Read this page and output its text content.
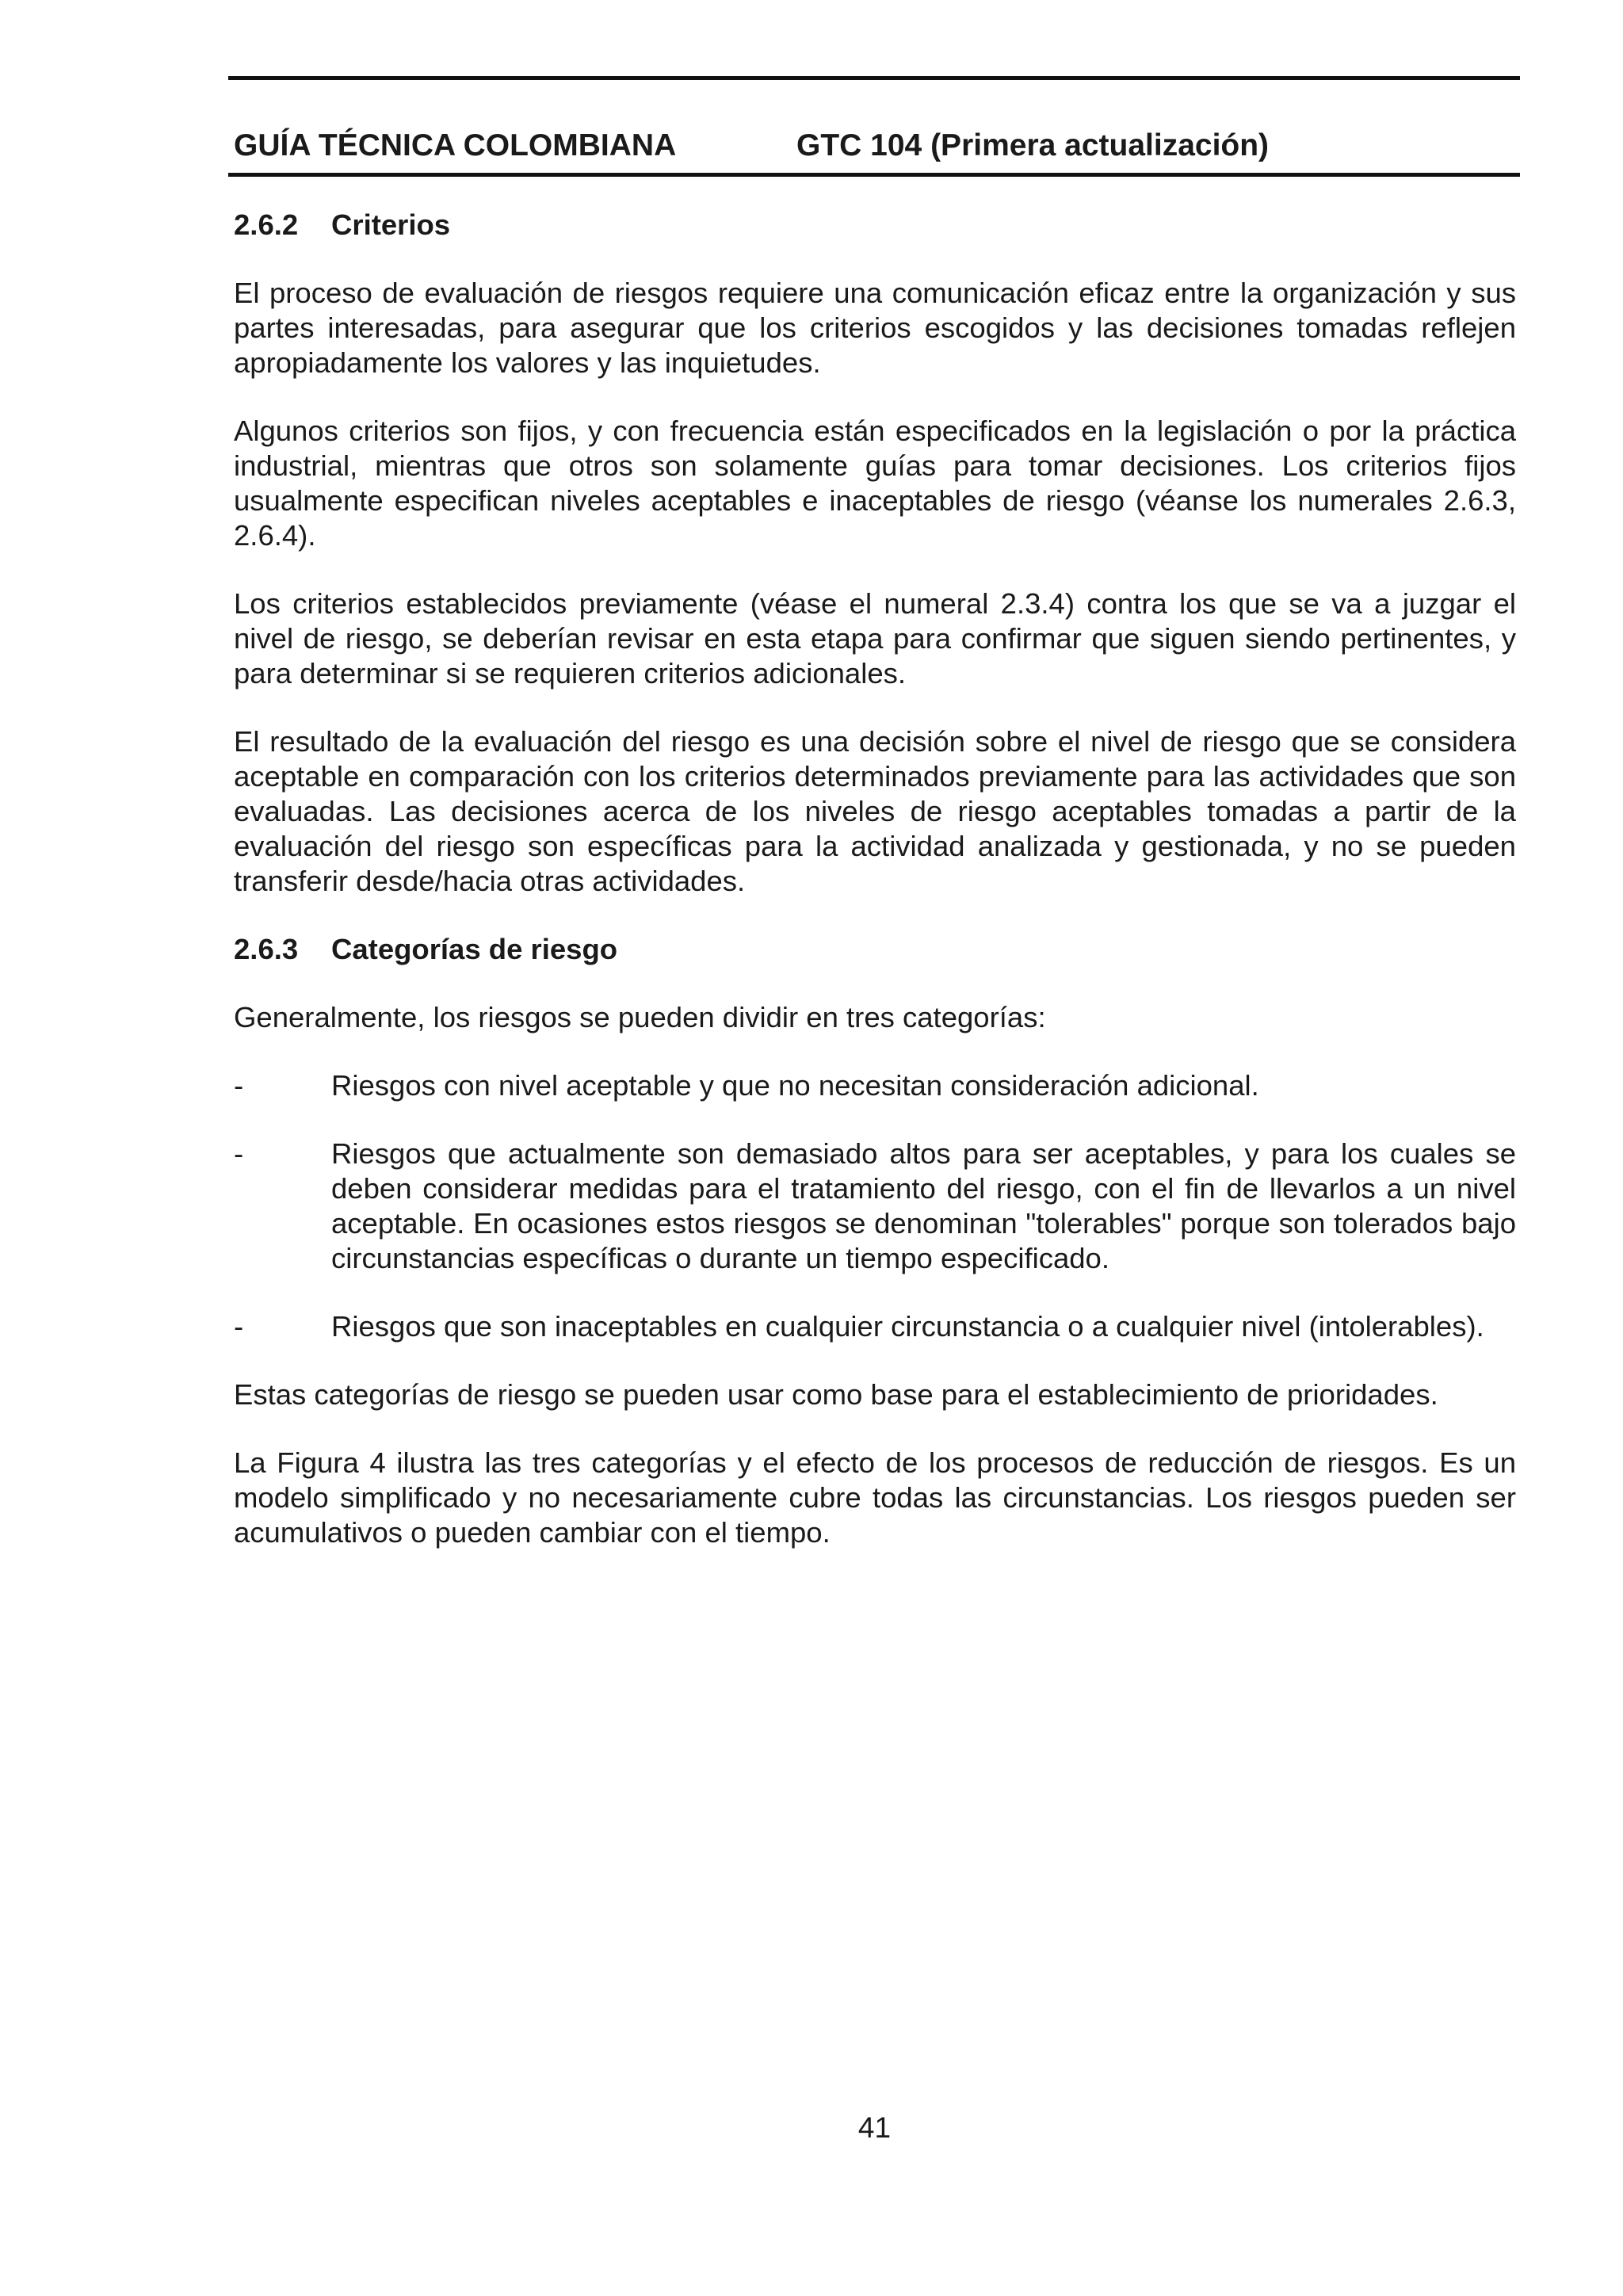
GUÍA TÉCNICA COLOMBIANA	GTC 104 (Primera actualización)
2.6.2 Criterios

El proceso de evaluación de riesgos requiere una comunicación eficaz entre la organización y sus partes interesadas, para asegurar que los criterios escogidos y las decisiones tomadas reflejen apropiadamente los valores y las inquietudes.

Algunos criterios son fijos, y con frecuencia están especificados en la legislación o por la práctica industrial, mientras que otros son solamente guías para tomar decisiones. Los criterios fijos usualmente especifican niveles aceptables e inaceptables de riesgo (véanse los numerales 2.6.3, 2.6.4).

Los criterios establecidos previamente (véase el numeral 2.3.4) contra los que se va a juzgar el nivel de riesgo, se deberían revisar en esta etapa para confirmar que siguen siendo pertinentes, y para determinar si se requieren criterios adicionales.

El resultado de la evaluación del riesgo es una decisión sobre el nivel de riesgo que se considera aceptable en comparación con los criterios determinados previamente para las actividades que son evaluadas. Las decisiones acerca de los niveles de riesgo aceptables tomadas a partir de la evaluación del riesgo son específicas para la actividad analizada y gestionada, y no se pueden transferir desde/hacia otras actividades.

2.6.3 Categorías de riesgo

Generalmente, los riesgos se pueden dividir en tres categorías:

-	Riesgos con nivel aceptable y que no necesitan consideración adicional.
-	Riesgos que actualmente son demasiado altos para ser aceptables, y para los cuales se deben considerar medidas para el tratamiento del riesgo, con el fin de llevarlos a un nivel aceptable. En ocasiones estos riesgos se denominan "tolerables" porque son tolerados bajo circunstancias específicas o durante un tiempo especificado.
-	Riesgos que son inaceptables en cualquier circunstancia o a cualquier nivel (intolerables).

Estas categorías de riesgo se pueden usar como base para el establecimiento de prioridades.

La Figura 4 ilustra las tres categorías y el efecto de los procesos de reducción de riesgos. Es un modelo simplificado y no necesariamente cubre todas las circunstancias. Los riesgos pueden ser acumulativos o pueden cambiar con el tiempo.

41
